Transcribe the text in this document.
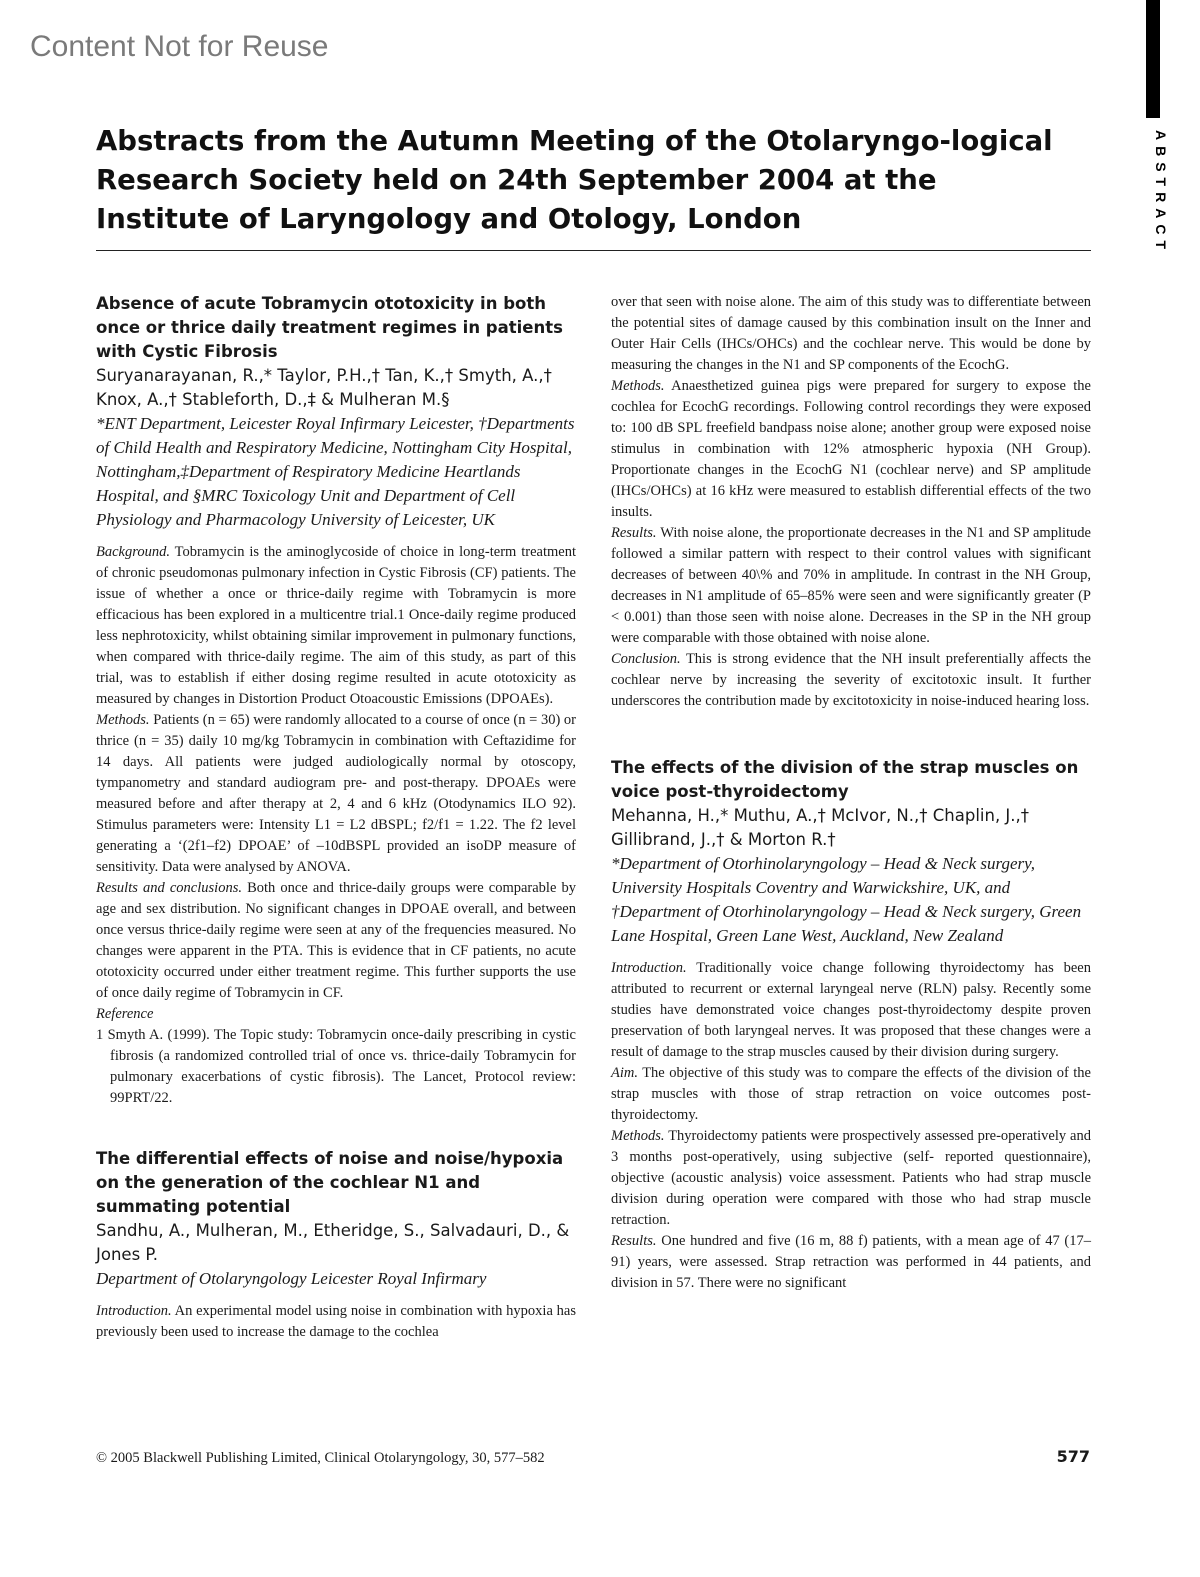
Content Not for Reuse
ABSTRACT
Abstracts from the Autumn Meeting of the Otolaryngo-logical Research Society held on 24th September 2004 at the Institute of Laryngology and Otology, London
Absence of acute Tobramycin ototoxicity in both once or thrice daily treatment regimes in patients with Cystic Fibrosis

Suryanarayanan, R.,* Taylor, P.H.,† Tan, K.,† Smyth, A.,† Knox, A.,† Stableforth, D.,‡ & Mulheran M.§

*ENT Department, Leicester Royal Infirmary Leicester, †Departments of Child Health and Respiratory Medicine, Nottingham City Hospital, Nottingham,‡Department of Respiratory Medicine Heartlands Hospital, and §MRC Toxicology Unit and Department of Cell Physiology and Pharmacology University of Leicester, UK

Background. Tobramycin is the aminoglycoside of choice in long-term treatment of chronic pseudomonas pulmonary infection in Cystic Fibrosis (CF) patients. The issue of whether a once or thrice-daily regime with Tobramycin is more efficacious has been explored in a multicentre trial.1 Once-daily regime produced less nephrotoxicity, whilst obtaining similar improvement in pulmonary functions, when compared with thrice-daily regime. The aim of this study, as part of this trial, was to establish if either dosing regime resulted in acute ototoxicity as measured by changes in Distortion Product Otoacoustic Emissions (DPOAEs).

Methods. Patients (n = 65) were randomly allocated to a course of once (n = 30) or thrice (n = 35) daily 10 mg/kg Tobramycin in combination with Ceftazidime for 14 days. All patients were judged audiologically normal by otoscopy, tympanometry and standard audiogram pre- and post-therapy. DPOAEs were measured before and after therapy at 2, 4 and 6 kHz (Otodynamics ILO 92). Stimulus parameters were: Intensity L1 = L2 dBSPL; f2/f1 = 1.22. The f2 level generating a ‘(2f1–f2) DPOAE’ of –10dBSPL provided an isoDP measure of sensitivity. Data were analysed by ANOVA.

Results and conclusions. Both once and thrice-daily groups were comparable by age and sex distribution. No significant changes in DPOAE overall, and between once versus thrice-daily regime were seen at any of the frequencies measured. No changes were apparent in the PTA. This is evidence that in CF patients, no acute ototoxicity occurred under either treatment regime. This further supports the use of once daily regime of Tobramycin in CF.

Reference

1 Smyth A. (1999). The Topic study: Tobramycin once-daily prescribing in cystic fibrosis (a randomized controlled trial of once vs. thrice-daily Tobramycin for pulmonary exacerbations of cystic fibrosis). The Lancet, Protocol review: 99PRT/22.

The differential effects of noise and noise/hypoxia on the generation of the cochlear N1 and summating potential

Sandhu, A., Mulheran, M., Etheridge, S., Salvadauri, D., & Jones P.

Department of Otolaryngology Leicester Royal Infirmary

Introduction. An experimental model using noise in combination with hypoxia has previously been used to increase the damage to the cochlea

over that seen with noise alone. The aim of this study was to differentiate between the potential sites of damage caused by this combination insult on the Inner and Outer Hair Cells (IHCs/OHCs) and the cochlear nerve. This would be done by measuring the changes in the N1 and SP components of the EcochG.

Methods. Anaesthetized guinea pigs were prepared for surgery to expose the cochlea for EcochG recordings. Following control recordings they were exposed to: 100 dB SPL freefield bandpass noise alone; another group were exposed noise stimulus in combination with 12% atmospheric hypoxia (NH Group). Proportionate changes in the EcochG N1 (cochlear nerve) and SP amplitude (IHCs/OHCs) at 16 kHz were measured to establish differential effects of the two insults.

Results. With noise alone, the proportionate decreases in the N1 and SP amplitude followed a similar pattern with respect to their control values with significant decreases of between 40\% and 70% in amplitude. In contrast in the NH Group, decreases in N1 amplitude of 65–85% were seen and were significantly greater (P < 0.001) than those seen with noise alone. Decreases in the SP in the NH group were comparable with those obtained with noise alone.

Conclusion. This is strong evidence that the NH insult preferentially affects the cochlear nerve by increasing the severity of excitotoxic insult. It further underscores the contribution made by excitotoxicity in noise-induced hearing loss.

The effects of the division of the strap muscles on voice post-thyroidectomy

Mehanna, H.,* Muthu, A.,† McIvor, N.,† Chaplin, J.,† Gillibrand, J.,† & Morton R.†

*Department of Otorhinolaryngology – Head & Neck surgery, University Hospitals Coventry and Warwickshire, UK, and †Department of Otorhinolaryngology – Head & Neck surgery, Green Lane Hospital, Green Lane West, Auckland, New Zealand

Introduction. Traditionally voice change following thyroidectomy has been attributed to recurrent or external laryngeal nerve (RLN) palsy. Recently some studies have demonstrated voice changes post-thyroidectomy despite proven preservation of both laryngeal nerves. It was proposed that these changes were a result of damage to the strap muscles caused by their division during surgery.

Aim. The objective of this study was to compare the effects of the division of the strap muscles with those of strap retraction on voice outcomes post-thyroidectomy.

Methods. Thyroidectomy patients were prospectively assessed pre-operatively and 3 months post-operatively, using subjective (self- reported questionnaire), objective (acoustic analysis) voice assessment. Patients who had strap muscle division during operation were compared with those who had strap muscle retraction.

Results. One hundred and five (16 m, 88 f) patients, with a mean age of 47 (17–91) years, were assessed. Strap retraction was performed in 44 patients, and division in 57. There were no significant

© 2005 Blackwell Publishing Limited, Clinical Otolaryngology, 30, 577–582	577
